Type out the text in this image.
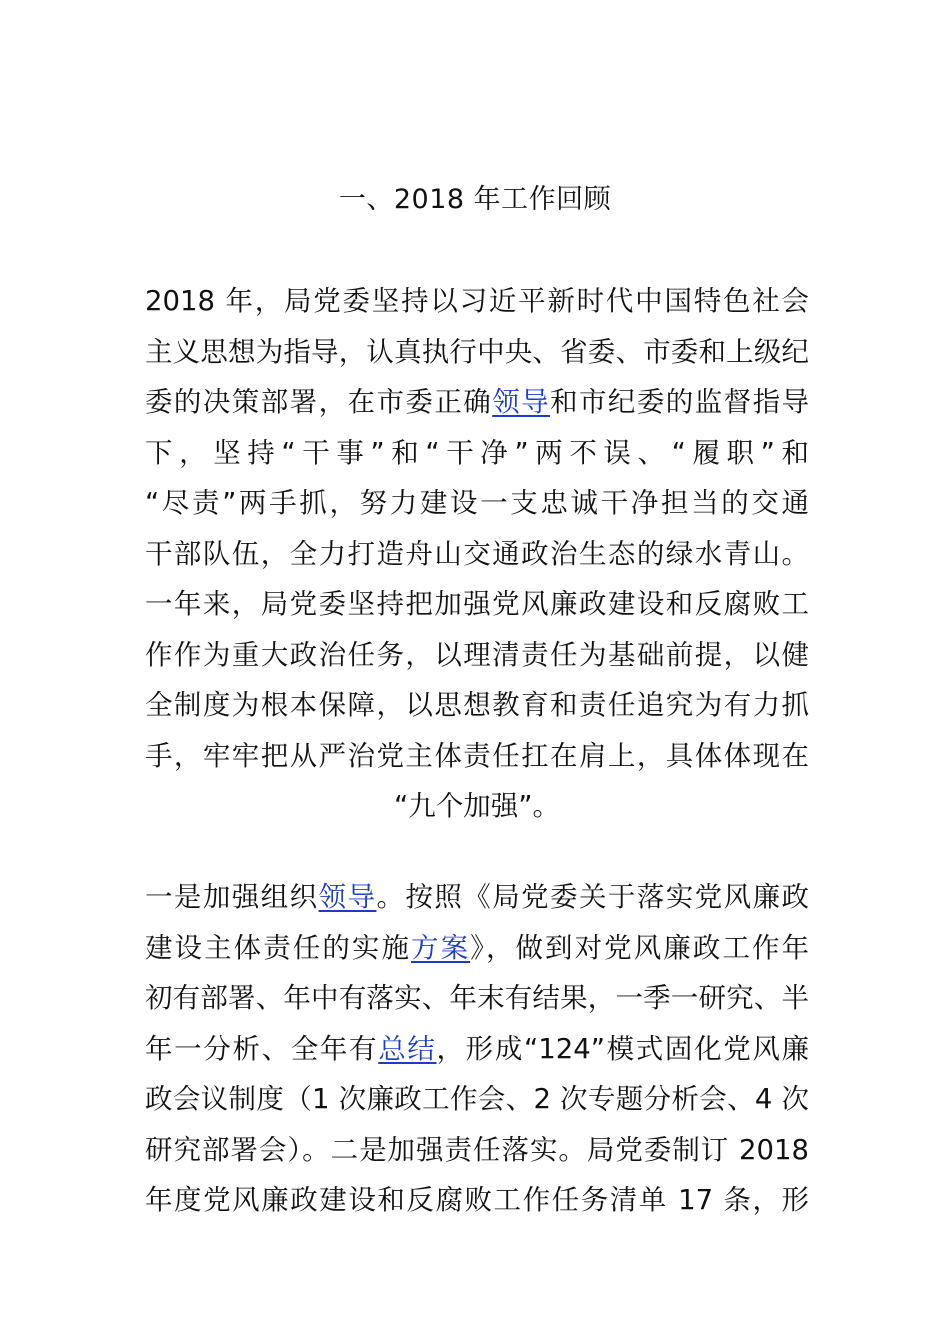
一、2018 年工作回顾
2018 年，局党委坚持以习近平新时代中国特色社会
主义思想为指导，认真执行中央、省委、市委和上级纪
委的决策部署，在市委正确领导和市纪委的监督指导
下，坚持“干事”和“干净”两不误、“履职”和
“尽责”两手抓，努力建设一支忠诚干净担当的交通
干部队伍，全力打造舟山交通政治生态的绿水青山。
一年来，局党委坚持把加强党风廉政建设和反腐败工
作作为重大政治任务，以理清责任为基础前提，以健
全制度为根本保障，以思想教育和责任追究为有力抓
手，牢牢把从严治党主体责任扛在肩上，具体体现在
“九个加强”。
一是加强组织领导。按照《局党委关于落实党风廉政
建设主体责任的实施方案》，做到对党风廉政工作年
初有部署、年中有落实、年末有结果，一季一研究、半
年一分析、全年有总结，形成“124”模式固化党风廉
政会议制度（1 次廉政工作会、2 次专题分析会、4 次
研究部署会）。二是加强责任落实。局党委制订 2018
年度党风廉政建设和反腐败工作任务清单 17 条，形
